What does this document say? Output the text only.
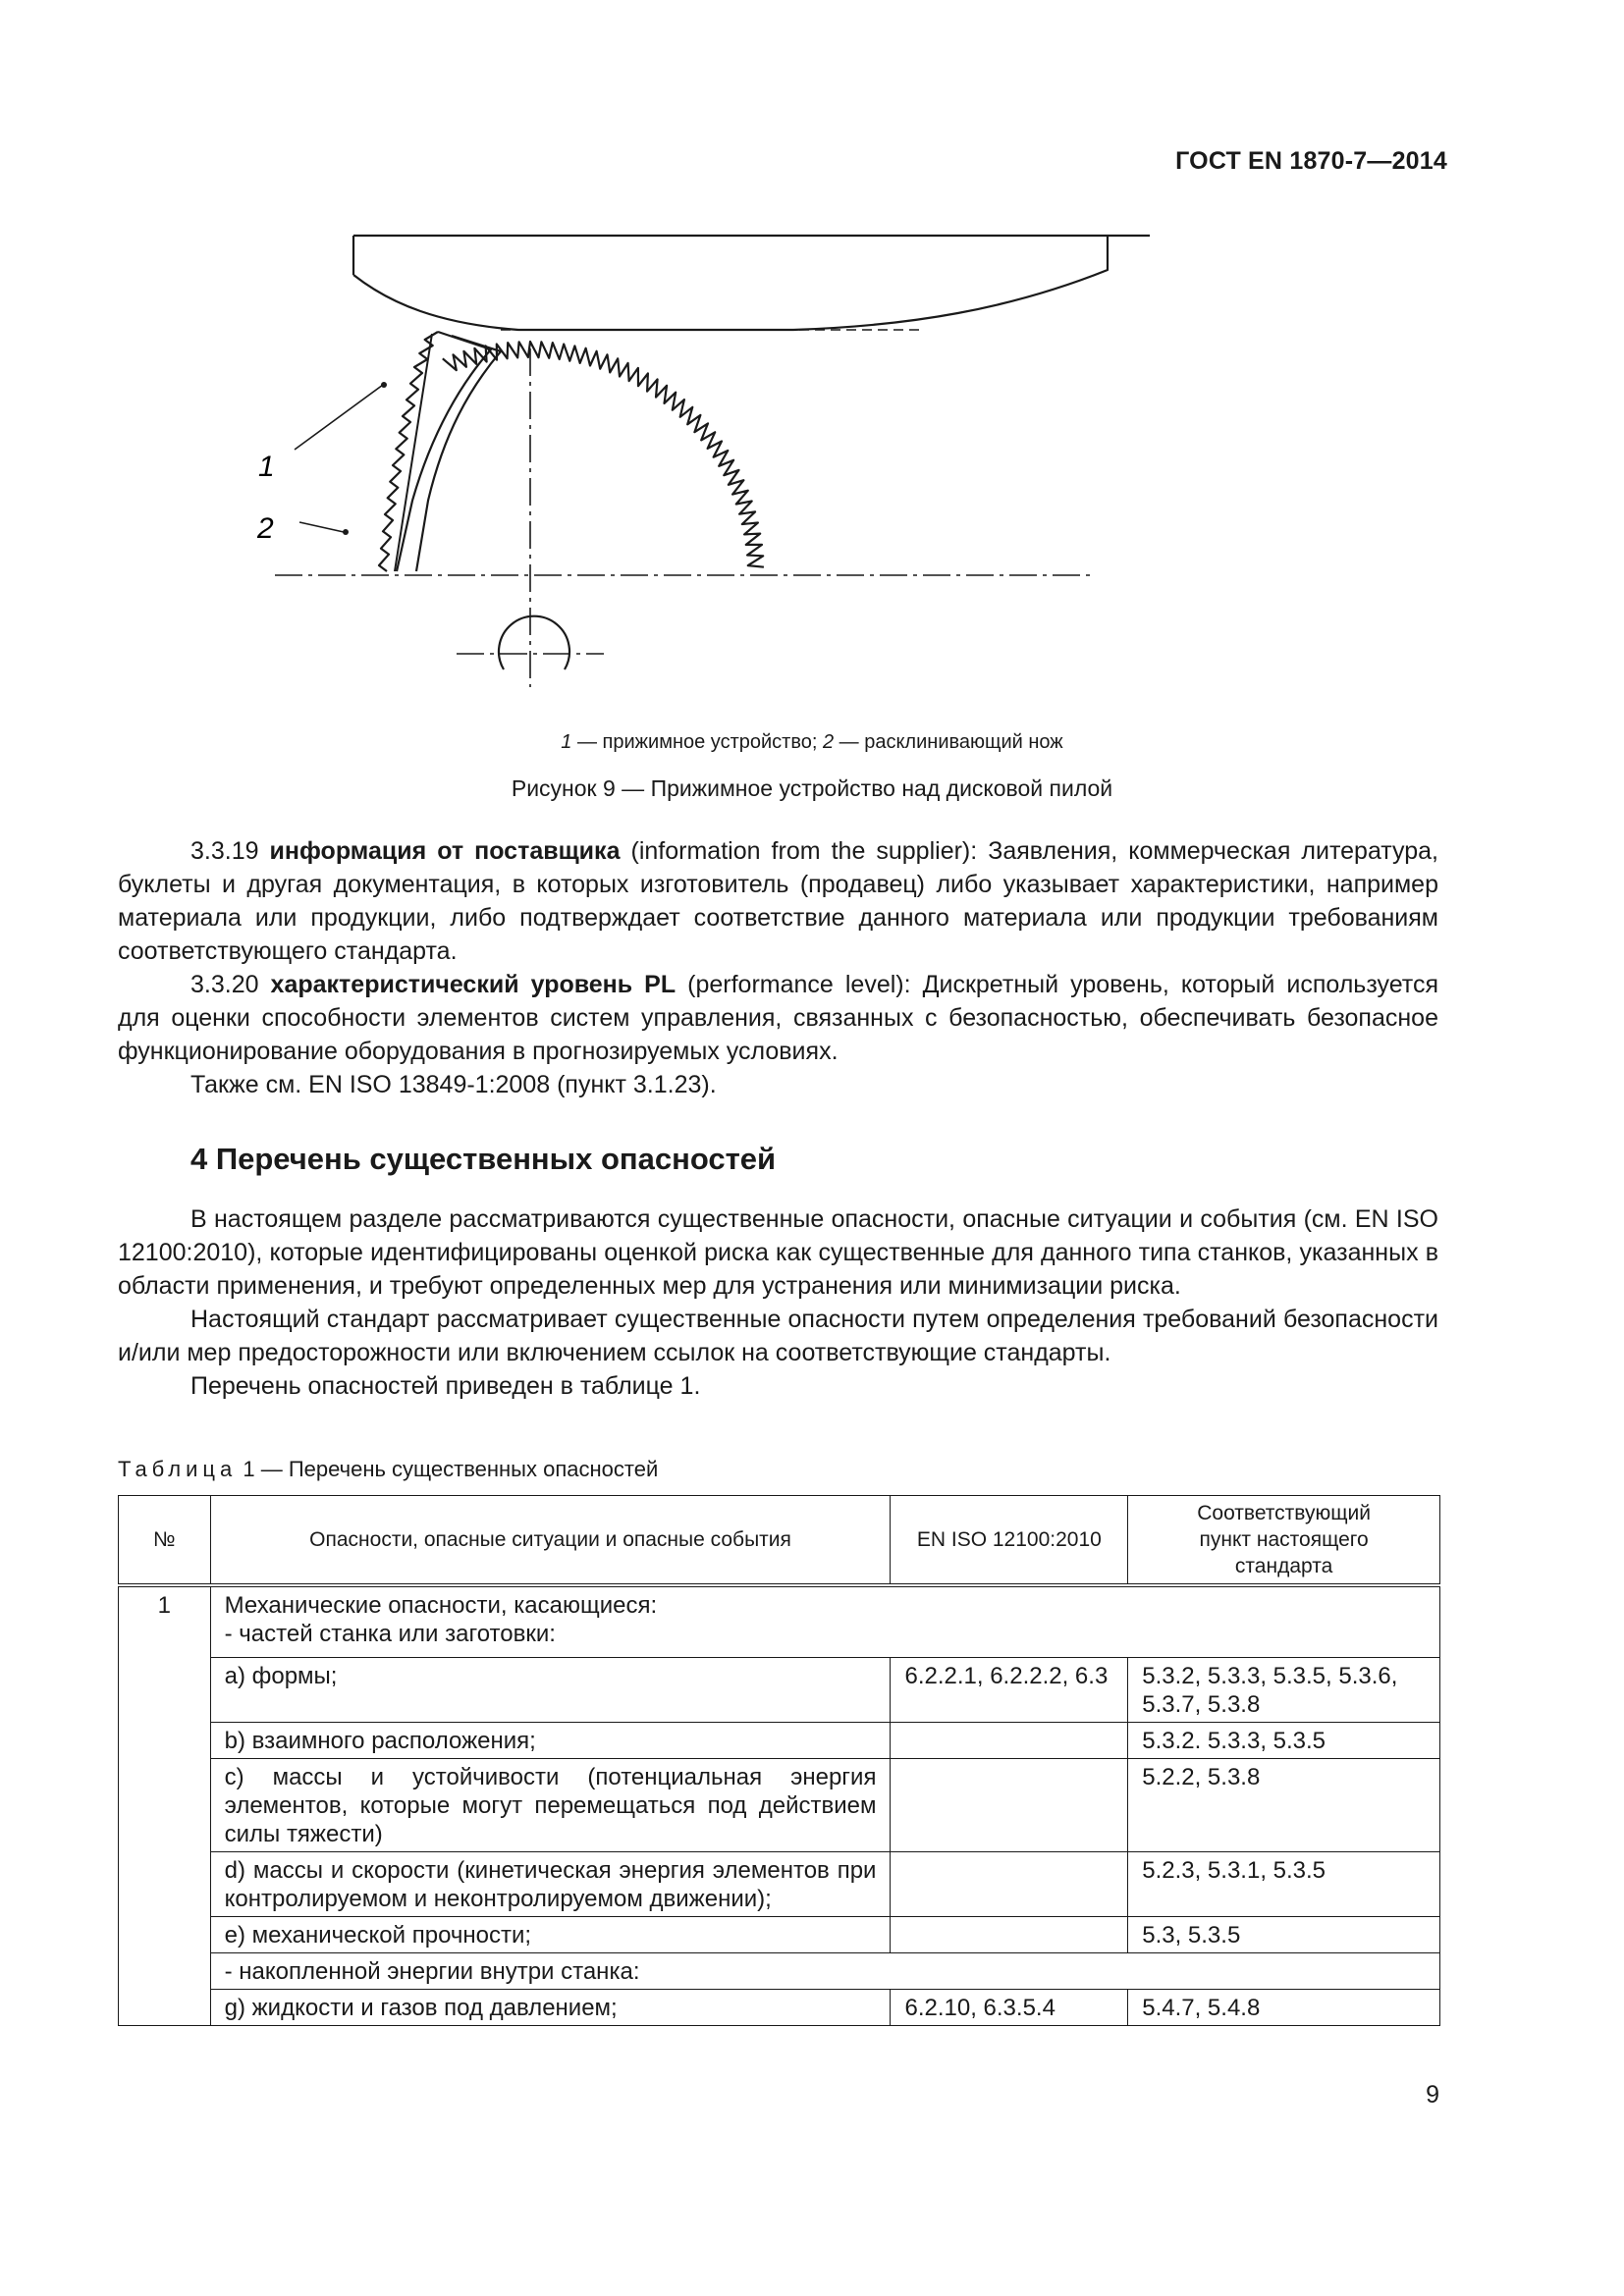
ГОСТ EN 1870-7—2014
1
2
1 — прижимное устройство; 2 — расклинивающий нож
Рисунок 9 — Прижимное устройство над дисковой пилой

3.3.19 информация от поставщика (information from the supplier): Заявления, коммерческая литература, буклеты и другая документация, в которых изготовитель (продавец) либо указывает характеристики, например материала или продукции, либо подтверждает соответствие данного материала или продукции требованиям соответствующего стандарта.

3.3.20 характеристический уровень PL (performance level): Дискретный уровень, который используется для оценки способности элементов систем управления, связанных с безопасностью, обеспечивать безопасное функционирование оборудования в прогнозируемых условиях.

Также см. EN ISO 13849-1:2008 (пункт 3.1.23).

4 Перечень существенных опасностей

В настоящем разделе рассматриваются существенные опасности, опасные ситуации и события (см. EN ISO 12100:2010), которые идентифицированы оценкой риска как существенные для данного типа станков, указанных в области применения, и требуют определенных мер для устранения или минимизации риска.

Настоящий стандарт рассматривает существенные опасности путем определения требований безопасности и/или мер предосторожности или включением ссылок на соответствующие стандарты.

Перечень опасностей приведен в таблице 1.

Таблица 1 — Перечень существенных опасностей
№	Опасности, опасные ситуации и опасные события	EN ISO 12100:2010	Соответствующий пункт настоящего стандарта
1	Механические опасности, касающиеся:
- частей станка или заготовки:		
	a) формы;	6.2.2.1, 6.2.2.2, 6.3	5.3.2, 5.3.3, 5.3.5, 5.3.6, 5.3.7, 5.3.8
	b) взаимного расположения;		5.3.2. 5.3.3, 5.3.5
	c) массы и устойчивости (потенциальная энергия элементов, которые могут перемещаться под действием силы тяжести)		5.2.2, 5.3.8
	d) массы и скорости (кинетическая энергия элементов при контролируемом и неконтролируемом движении);		5.2.3, 5.3.1, 5.3.5
	e) механической прочности;		5.3, 5.3.5
	- накопленной энергии внутри станка:		
	g) жидкости и газов под давлением;	6.2.10, 6.3.5.4	5.4.7, 5.4.8
9
